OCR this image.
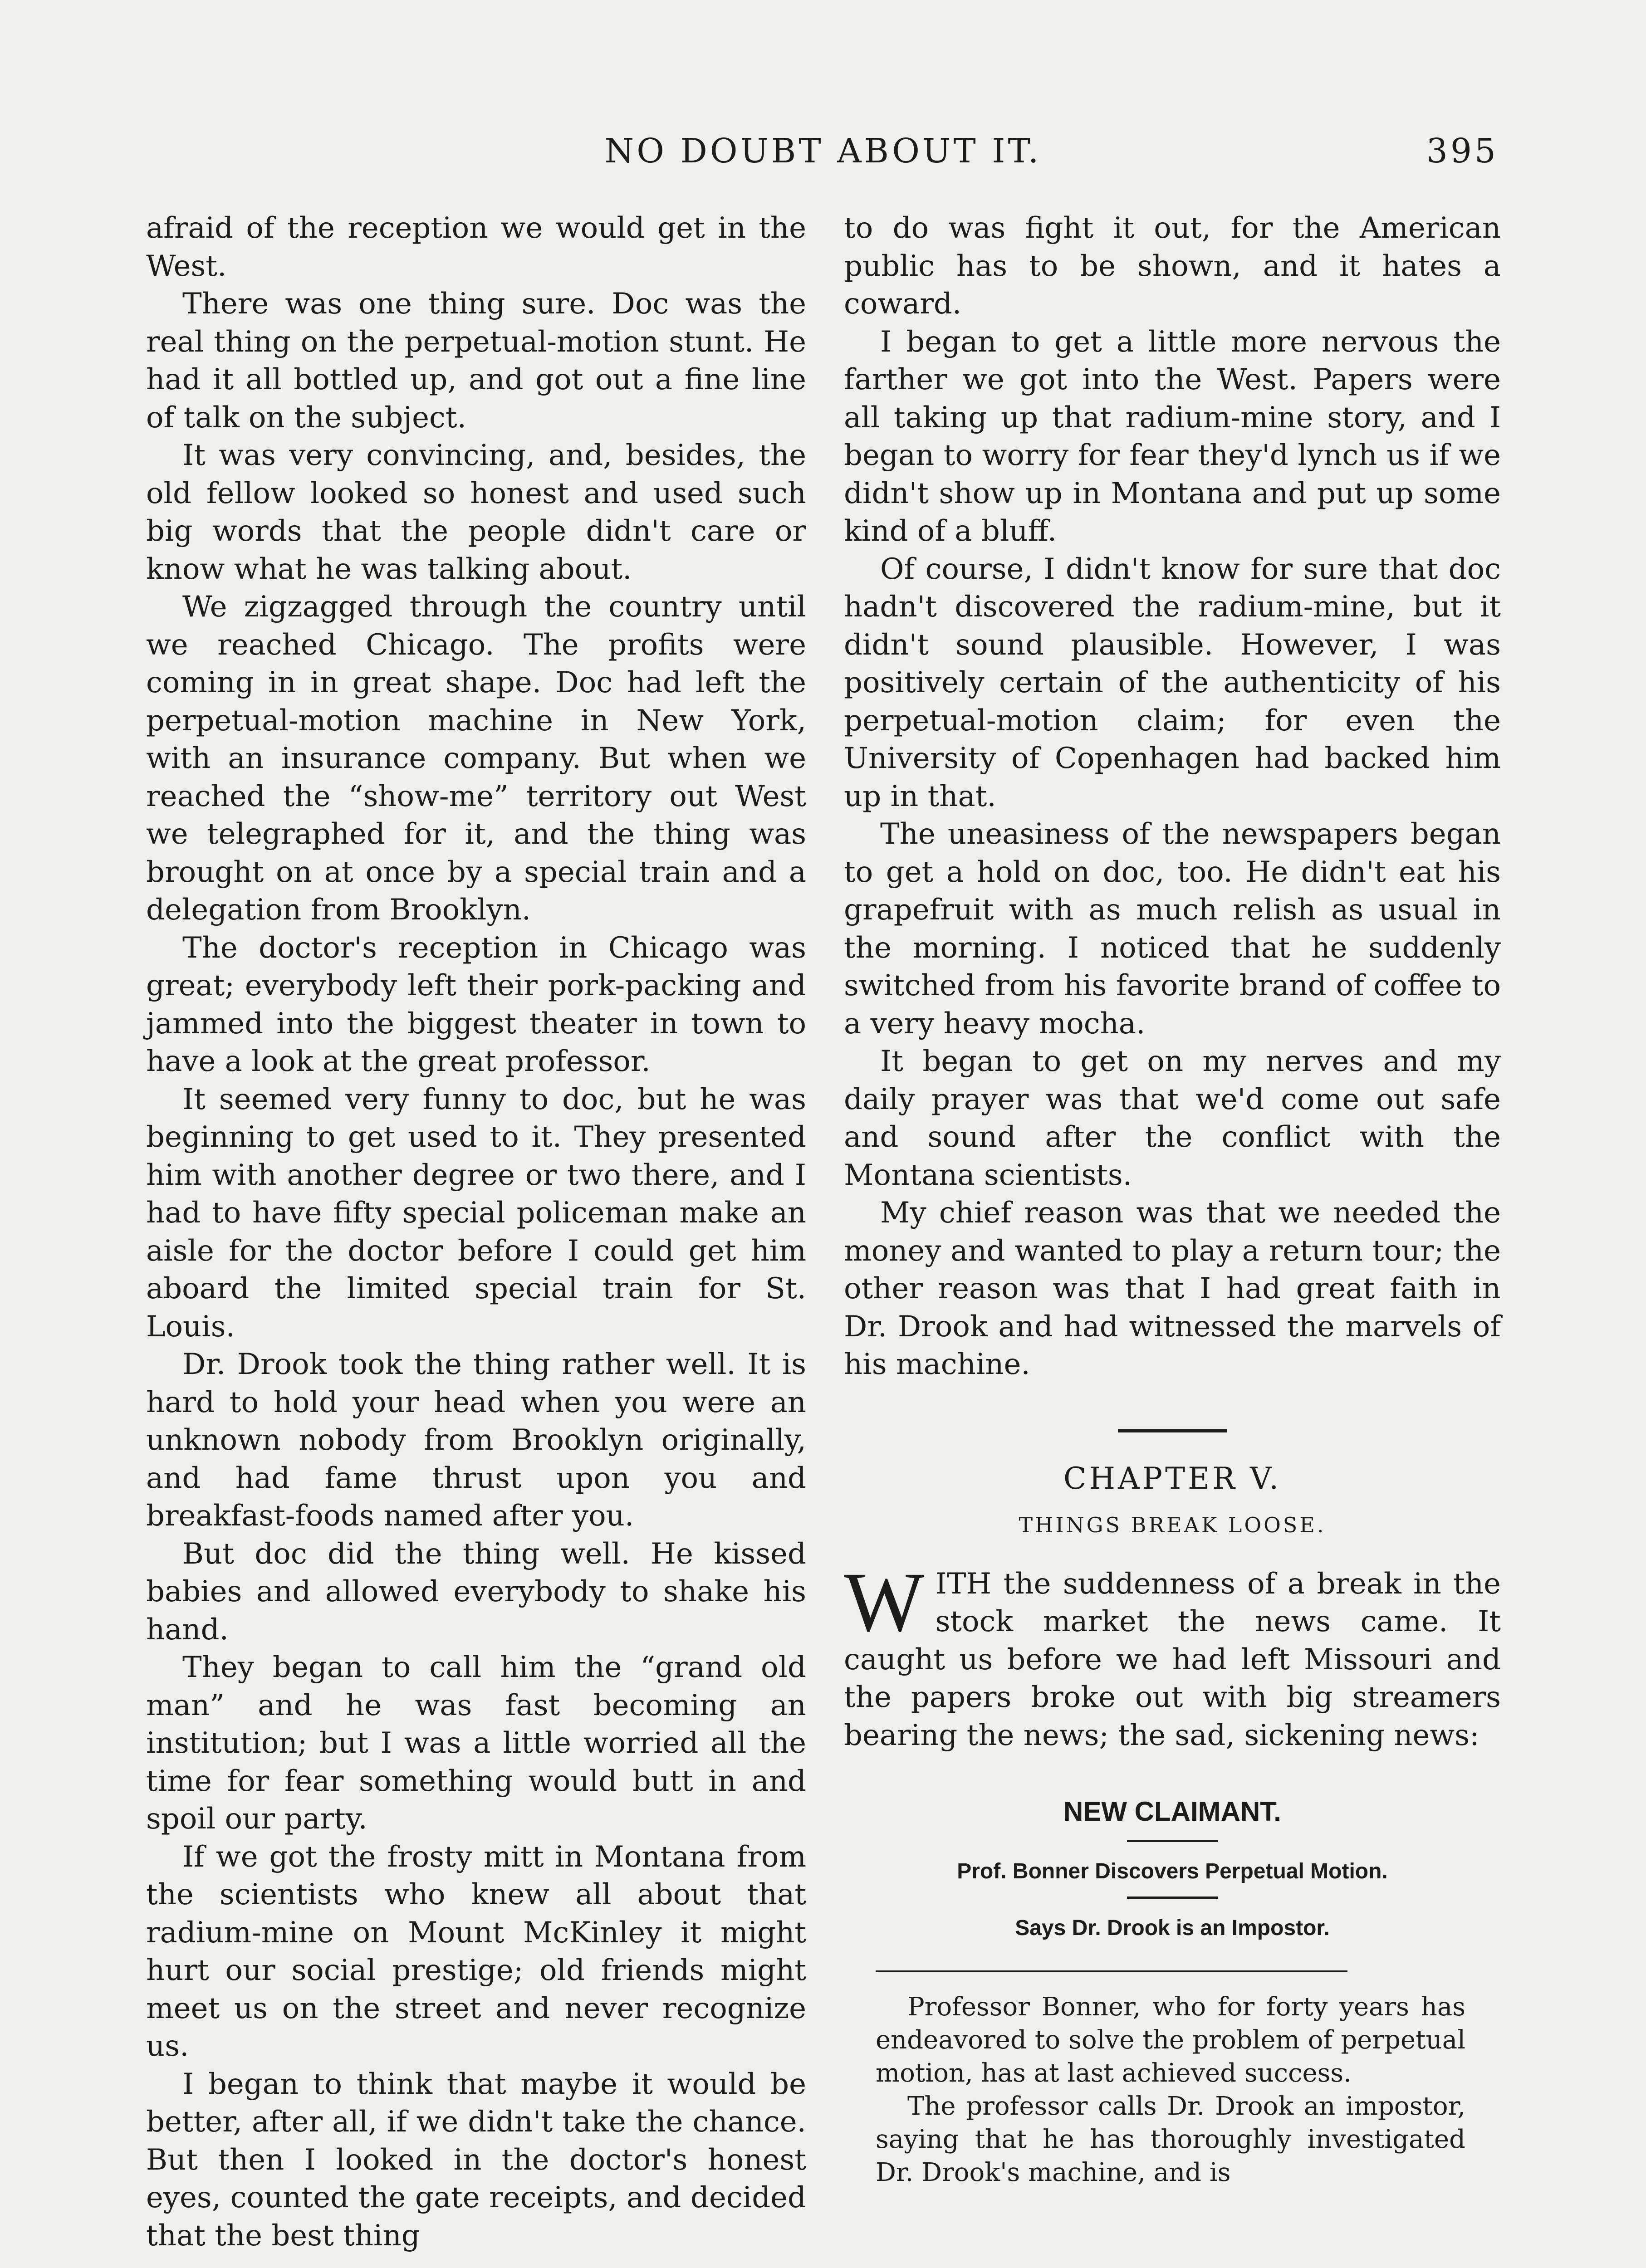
NO DOUBT ABOUT IT.	395

afraid of the reception we would get in the West.

There was one thing sure. Doc was the real thing on the perpetual-motion stunt. He had it all bottled up, and got out a fine line of talk on the subject.

It was very convincing, and, besides, the old fellow looked so honest and used such big words that the people didn't care or know what he was talking about.

We zigzagged through the country until we reached Chicago. The profits were coming in in great shape. Doc had left the perpetual-motion machine in New York, with an insurance company. But when we reached the “show-me” territory out West we telegraphed for it, and the thing was brought on at once by a special train and a delegation from Brooklyn.

The doctor's reception in Chicago was great; everybody left their pork-packing and jammed into the biggest theater in town to have a look at the great professor.

It seemed very funny to doc, but he was beginning to get used to it. They presented him with another degree or two there, and I had to have fifty special policeman make an aisle for the doctor before I could get him aboard the limited special train for St. Louis.

Dr. Drook took the thing rather well. It is hard to hold your head when you were an unknown nobody from Brooklyn originally, and had fame thrust upon you and breakfast-foods named after you.

But doc did the thing well. He kissed babies and allowed everybody to shake his hand.

They began to call him the “grand old man” and he was fast becoming an institution; but I was a little worried all the time for fear something would butt in and spoil our party.

If we got the frosty mitt in Montana from the scientists who knew all about that radium-mine on Mount McKinley it might hurt our social prestige; old friends might meet us on the street and never recognize us.

I began to think that maybe it would be better, after all, if we didn't take the chance. But then I looked in the doctor's honest eyes, counted the gate receipts, and decided that the best thing

to do was fight it out, for the American public has to be shown, and it hates a coward.

I began to get a little more nervous the farther we got into the West. Papers were all taking up that radium-mine story, and I began to worry for fear they'd lynch us if we didn't show up in Montana and put up some kind of a bluff.

Of course, I didn't know for sure that doc hadn't discovered the radium-mine, but it didn't sound plausible. However, I was positively certain of the authenticity of his perpetual-motion claim; for even the University of Copenhagen had backed him up in that.

The uneasiness of the newspapers began to get a hold on doc, too. He didn't eat his grapefruit with as much relish as usual in the morning. I noticed that he suddenly switched from his favorite brand of coffee to a very heavy mocha.

It began to get on my nerves and my daily prayer was that we'd come out safe and sound after the conflict with the Montana scientists.

My chief reason was that we needed the money and wanted to play a return tour; the other reason was that I had great faith in Dr. Drook and had witnessed the marvels of his machine.

CHAPTER V.
THINGS BREAK LOOSE.

WITH the suddenness of a break in the stock market the news came. It caught us before we had left Missouri and the papers broke out with big streamers bearing the news; the sad, sickening news:

NEW CLAIMANT.
Prof. Bonner Discovers Perpetual Motion.
Says Dr. Drook is an Impostor.

Professor Bonner, who for forty years has endeavored to solve the problem of perpetual motion, has at last achieved success.

The professor calls Dr. Drook an impostor, saying that he has thoroughly investigated Dr. Drook's machine, and is
